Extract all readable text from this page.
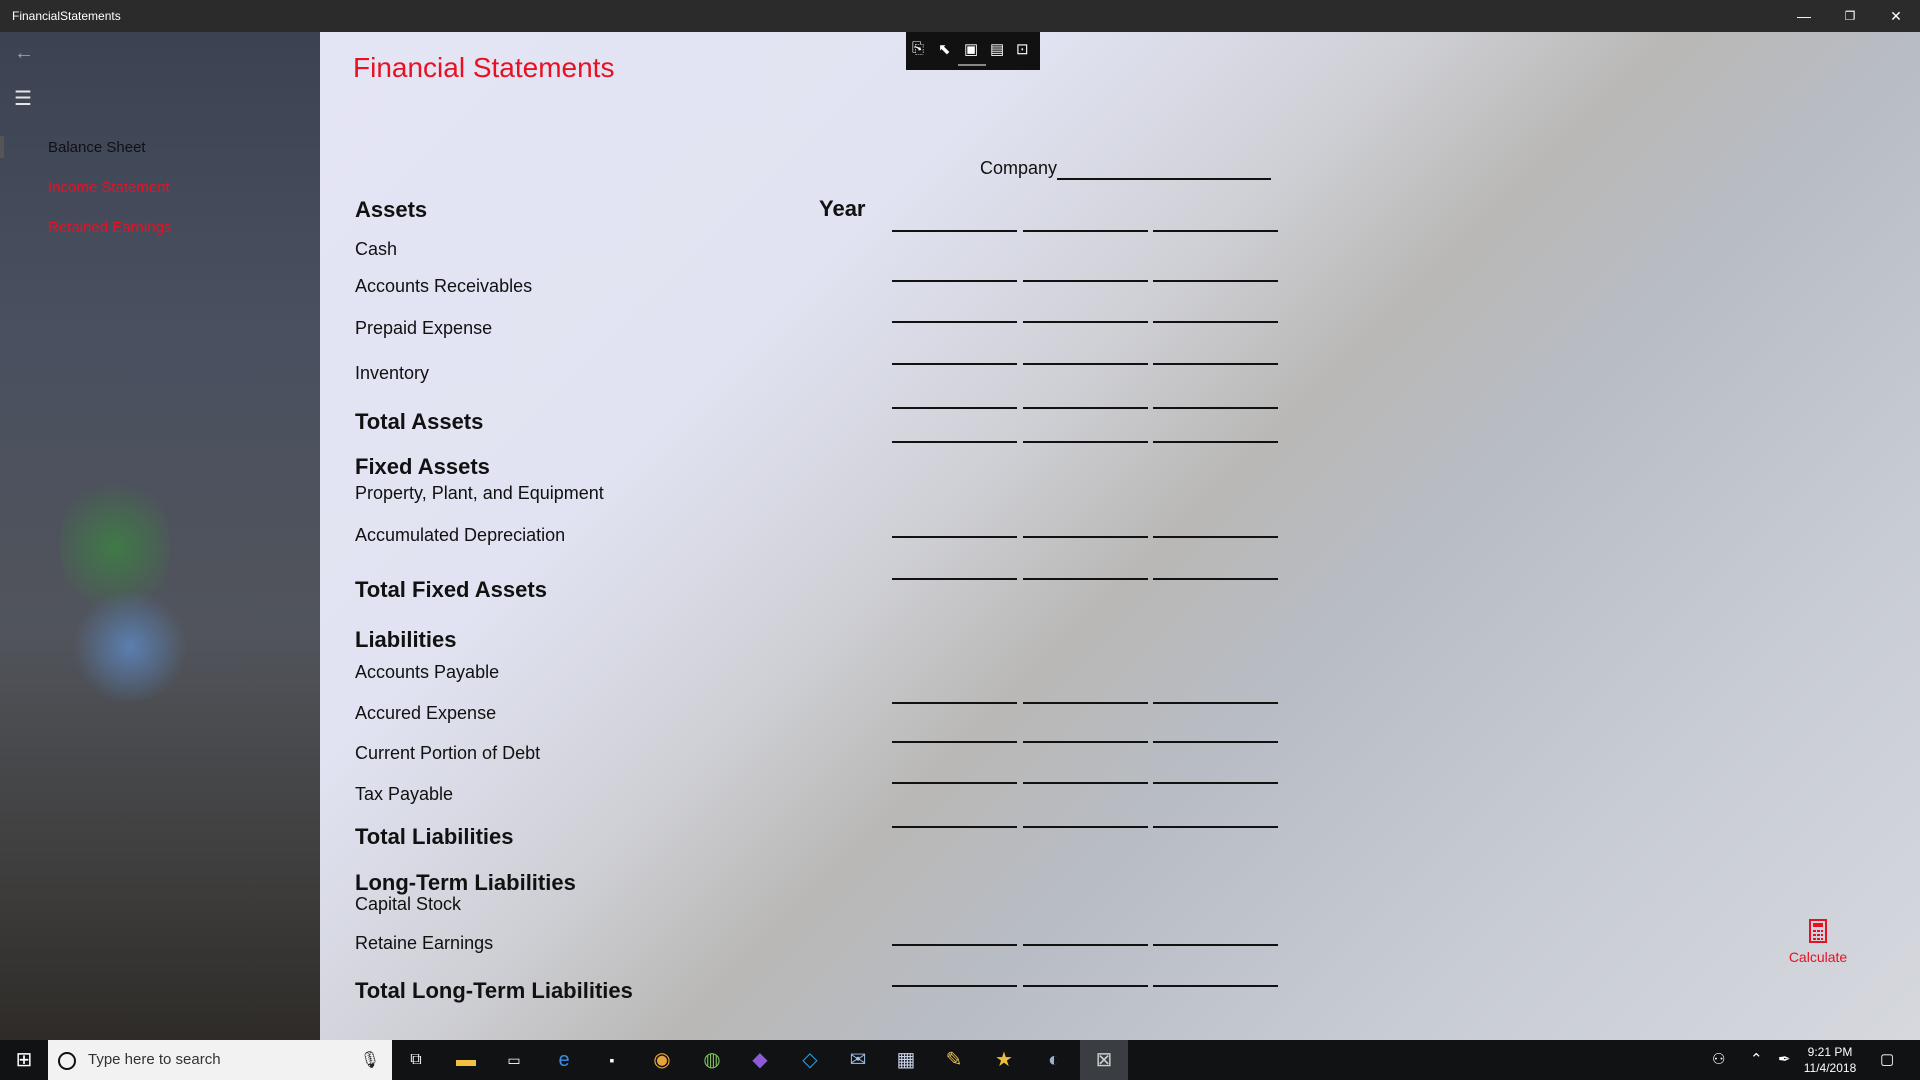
FinancialStatements	—	❐	✕
←
☰
Balance Sheet
Income Statement
Retained Earnings
Financial Statements
⎘ ⬉ ▣ ▤ ⊡
Company
Assets	Year
Cash
Accounts Receivables
Prepaid Expense
Inventory
Total Assets
Fixed Assets
Property, Plant, and Equipment
Accumulated Depreciation
Total Fixed Assets
Liabilities
Accounts Payable
Accured Expense
Current Portion of Debt
Tax Payable
Total Liabilities
Long-Term Liabilities
Capital Stock
Retaine Earnings
Total Long-Term Liabilities
Calculate
⊞	Type here to search	🎙	⧉	▬	▭	e	▪	◉	◍	◆	◇	✉	▦	✎	★	◐	⊠	⚇ ⌃ ✒	9:21 PM
11/4/2018 ▢
